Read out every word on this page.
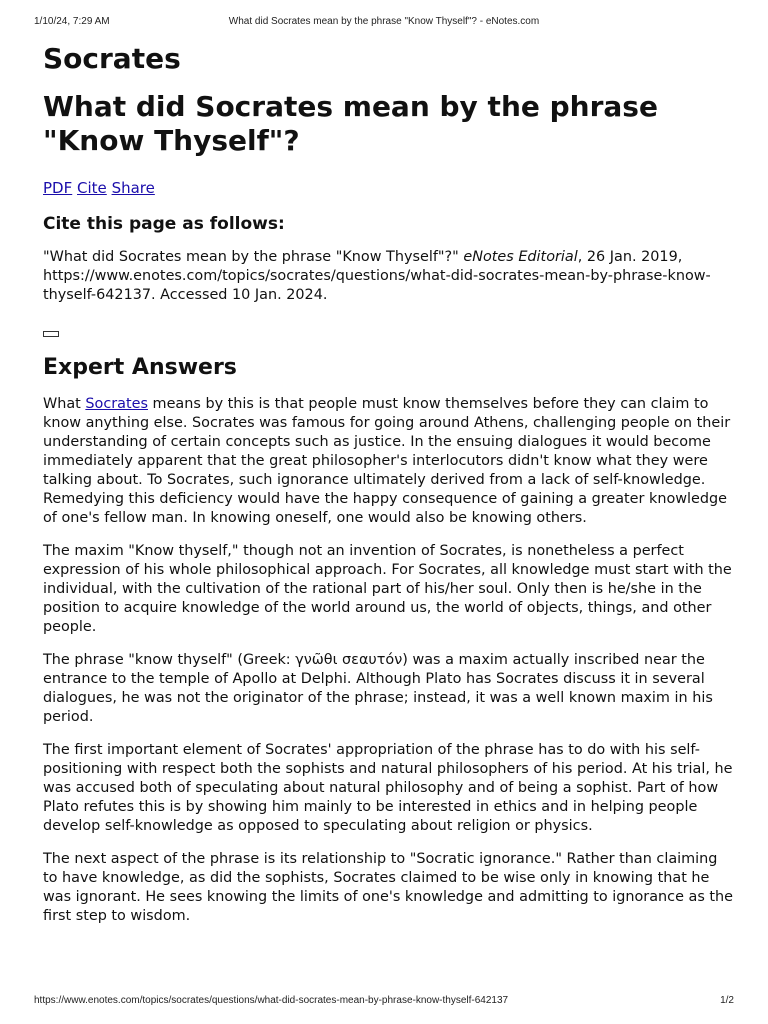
1/10/24, 7:29 AM	What did Socrates mean by the phrase "Know Thyself"? - eNotes.com
Socrates
What did Socrates mean by the phrase "Know Thyself"?
PDF Cite Share
Cite this page as follows:

"What did Socrates mean by the phrase "Know Thyself"?" eNotes Editorial, 26 Jan. 2019, https://www.enotes.com/topics/socrates/questions/what-did-socrates-mean-by-phrase-know-thyself-642137. Accessed 10 Jan. 2024.

Expert Answers

What Socrates means by this is that people must know themselves before they can claim to know anything else. Socrates was famous for going around Athens, challenging people on their understanding of certain concepts such as justice. In the ensuing dialogues it would become immediately apparent that the great philosopher's interlocutors didn't know what they were talking about. To Socrates, such ignorance ultimately derived from a lack of self-knowledge. Remedying this deficiency would have the happy consequence of gaining a greater knowledge of one's fellow man. In knowing oneself, one would also be knowing others.

The maxim "Know thyself," though not an invention of Socrates, is nonetheless a perfect expression of his whole philosophical approach. For Socrates, all knowledge must start with the individual, with the cultivation of the rational part of his/her soul. Only then is he/she in the position to acquire knowledge of the world around us, the world of objects, things, and other people.

The phrase "know thyself" (Greek: γνῶθι σεαυτόν) was a maxim actually inscribed near the entrance to the temple of Apollo at Delphi. Although Plato has Socrates discuss it in several dialogues, he was not the originator of the phrase; instead, it was a well known maxim in his period.

The first important element of Socrates' appropriation of the phrase has to do with his self-positioning with respect both the sophists and natural philosophers of his period. At his trial, he was accused both of speculating about natural philosophy and of being a sophist. Part of how Plato refutes this is by showing him mainly to be interested in ethics and in helping people develop self-knowledge as opposed to speculating about religion or physics.

The next aspect of the phrase is its relationship to "Socratic ignorance." Rather than claiming to have knowledge, as did the sophists, Socrates claimed to be wise only in knowing that he was ignorant. He sees knowing the limits of one's knowledge and admitting to ignorance as the first step to wisdom.

https://www.enotes.com/topics/socrates/questions/what-did-socrates-mean-by-phrase-know-thyself-642137	1/2
